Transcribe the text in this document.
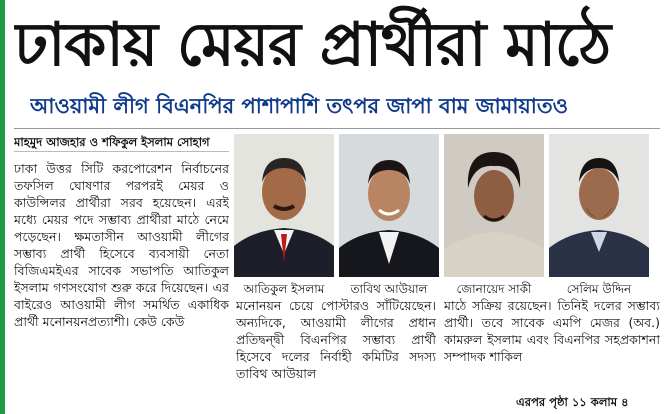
ঢাকায় মেয়র প্রার্থীরা মাঠে
আওয়ামী লীগ বিএনপির পাশাপাশি তৎপর জাপা বাম জামায়াতও
মাহমুদ আজহার ও শফিকুল ইসলাম সোহাগ

ঢাকা উত্তর সিটি করপোরেশন নির্বাচনের তফসিল ঘোষণার পরপরই মেয়র ও কাউন্সিলর প্রার্থীরা সরব হয়েছেন। এরই মধ্যে মেয়র পদে সম্ভাব্য প্রার্থীরা মাঠে নেমে পড়েছেন। ক্ষমতাসীন আওয়ামী লীগের সম্ভাব্য প্রার্থী হিসেবে ব্যবসায়ী নেতা বিজিএমইএর সাবেক সভাপতি আতিকুল ইসলাম গণসংযোগ শুরু করে দিয়েছেন। এর বাইরেও আওয়ামী লীগ সমর্থিত একাধিক প্রার্থী মনোনয়নপ্রত্যাশী। কেউ কেউ

আতিকুল ইসলাম	তাবিথ আউয়াল	জোনায়েদ সাকী	সেলিম উদ্দিন

মনোনয়ন চেয়ে পোস্টারও সাঁটিয়েছেন। অন্যদিকে, আওয়ামী লীগের প্রধান প্রতিদ্বন্দ্বী বিএনপির সম্ভাব্য প্রার্থী হিসেবে দলের নির্বাহী কমিটির সদস্য তাবিথ আউয়াল

মাঠে সক্রিয় রয়েছেন। তিনিই দলের সম্ভাব্য প্রার্থী। তবে সাবেক এমপি মেজর (অব.) কামরুল ইসলাম এবং বিএনপির সহপ্রকাশনা সম্পাদক শাকিল

এরপর পৃষ্ঠা ১১ কলাম ৪
